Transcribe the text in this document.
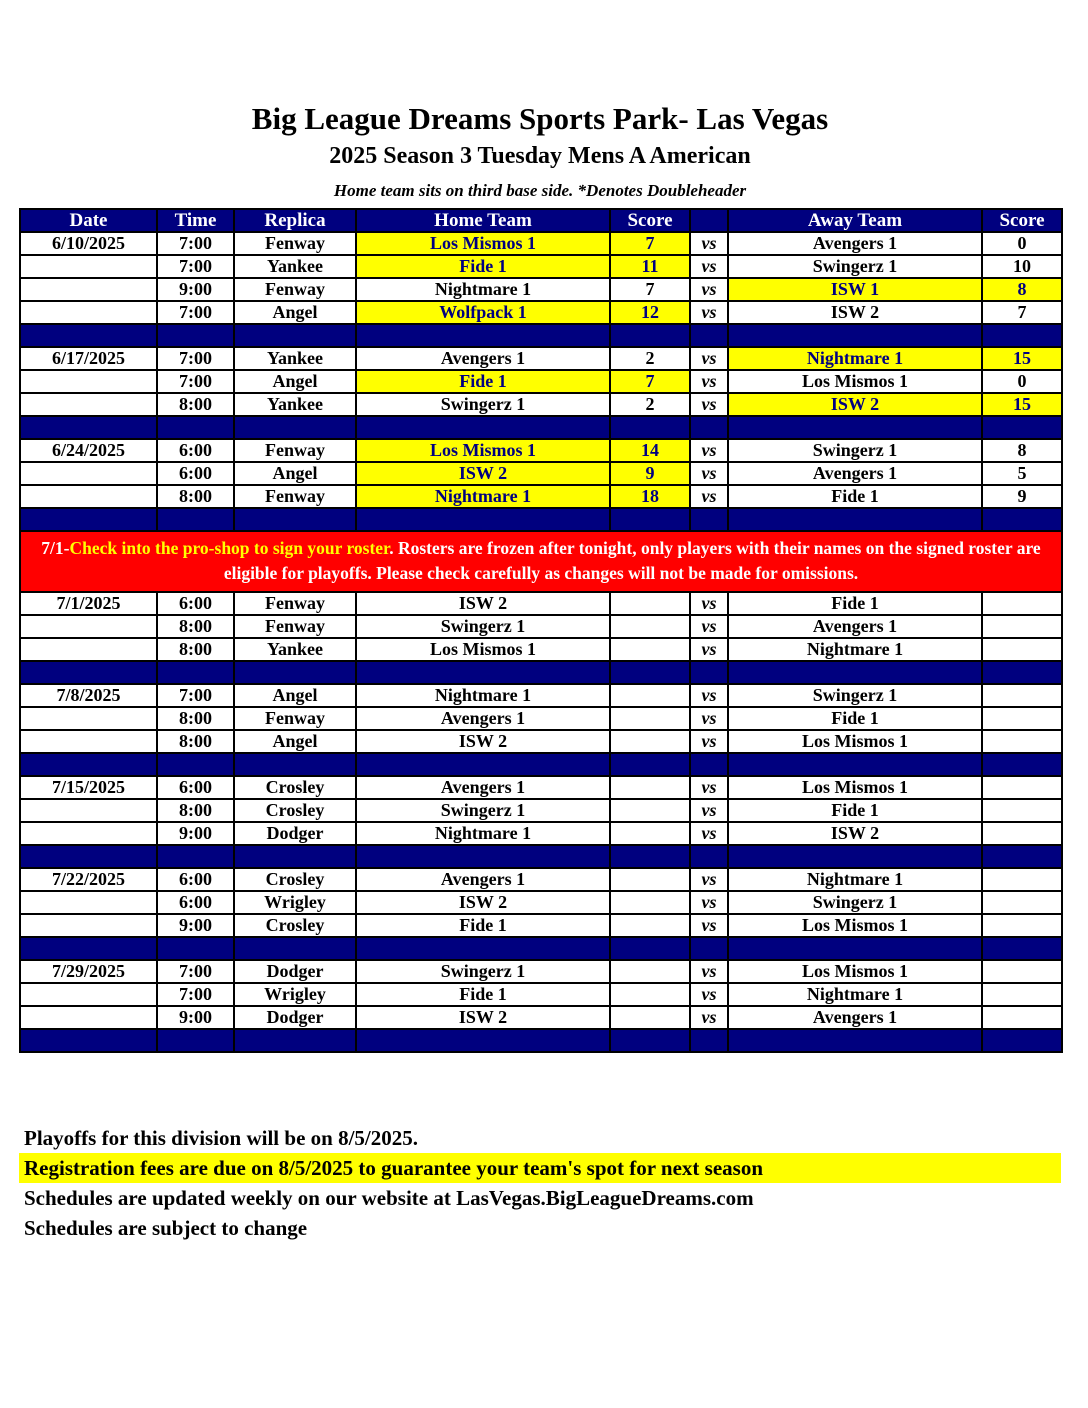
Big League Dreams Sports Park- Las Vegas
2025 Season 3 Tuesday Mens A American
Home team sits on third base side. *Denotes Doubleheader
Date	Time	Replica	Home Team	Score		Away Team	Score
6/10/2025	7:00	Fenway	Los Mismos 1	7	vs	Avengers 1	0
	7:00	Yankee	Fide 1	11	vs	Swingerz 1	10
	9:00	Fenway	Nightmare 1	7	vs	ISW 1	8
	7:00	Angel	Wolfpack 1	12	vs	ISW 2	7

6/17/2025	7:00	Yankee	Avengers 1	2	vs	Nightmare 1	15
	7:00	Angel	Fide 1	7	vs	Los Mismos 1	0
	8:00	Yankee	Swingerz 1	2	vs	ISW 2	15

6/24/2025	6:00	Fenway	Los Mismos 1	14	vs	Swingerz 1	8
	6:00	Angel	ISW 2	9	vs	Avengers 1	5
	8:00	Fenway	Nightmare 1	18	vs	Fide 1	9

7/1-Check into the pro-shop to sign your roster. Rosters are frozen after tonight, only players with their names on the signed roster are eligible for playoffs. Please check carefully as changes will not be made for omissions.							
7/1/2025	6:00	Fenway	ISW 2		vs	Fide 1	
	8:00	Fenway	Swingerz 1		vs	Avengers 1	
	8:00	Yankee	Los Mismos 1		vs	Nightmare 1	

7/8/2025	7:00	Angel	Nightmare 1		vs	Swingerz 1	
	8:00	Fenway	Avengers 1		vs	Fide 1	
	8:00	Angel	ISW 2		vs	Los Mismos 1	

7/15/2025	6:00	Crosley	Avengers 1		vs	Los Mismos 1	
	8:00	Crosley	Swingerz 1		vs	Fide 1	
	9:00	Dodger	Nightmare 1		vs	ISW 2	

7/22/2025	6:00	Crosley	Avengers 1		vs	Nightmare 1	
	6:00	Wrigley	ISW 2		vs	Swingerz 1	
	9:00	Crosley	Fide 1		vs	Los Mismos 1	

7/29/2025	7:00	Dodger	Swingerz 1		vs	Los Mismos 1	
	7:00	Wrigley	Fide 1		vs	Nightmare 1	
	9:00	Dodger	ISW 2		vs	Avengers 1	

Playoffs for this division will be on 8/5/2025.
Registration fees are due on 8/5/2025 to guarantee your team's spot for next season
Schedules are updated weekly on our website at LasVegas.BigLeagueDreams.com
Schedules are subject to change
